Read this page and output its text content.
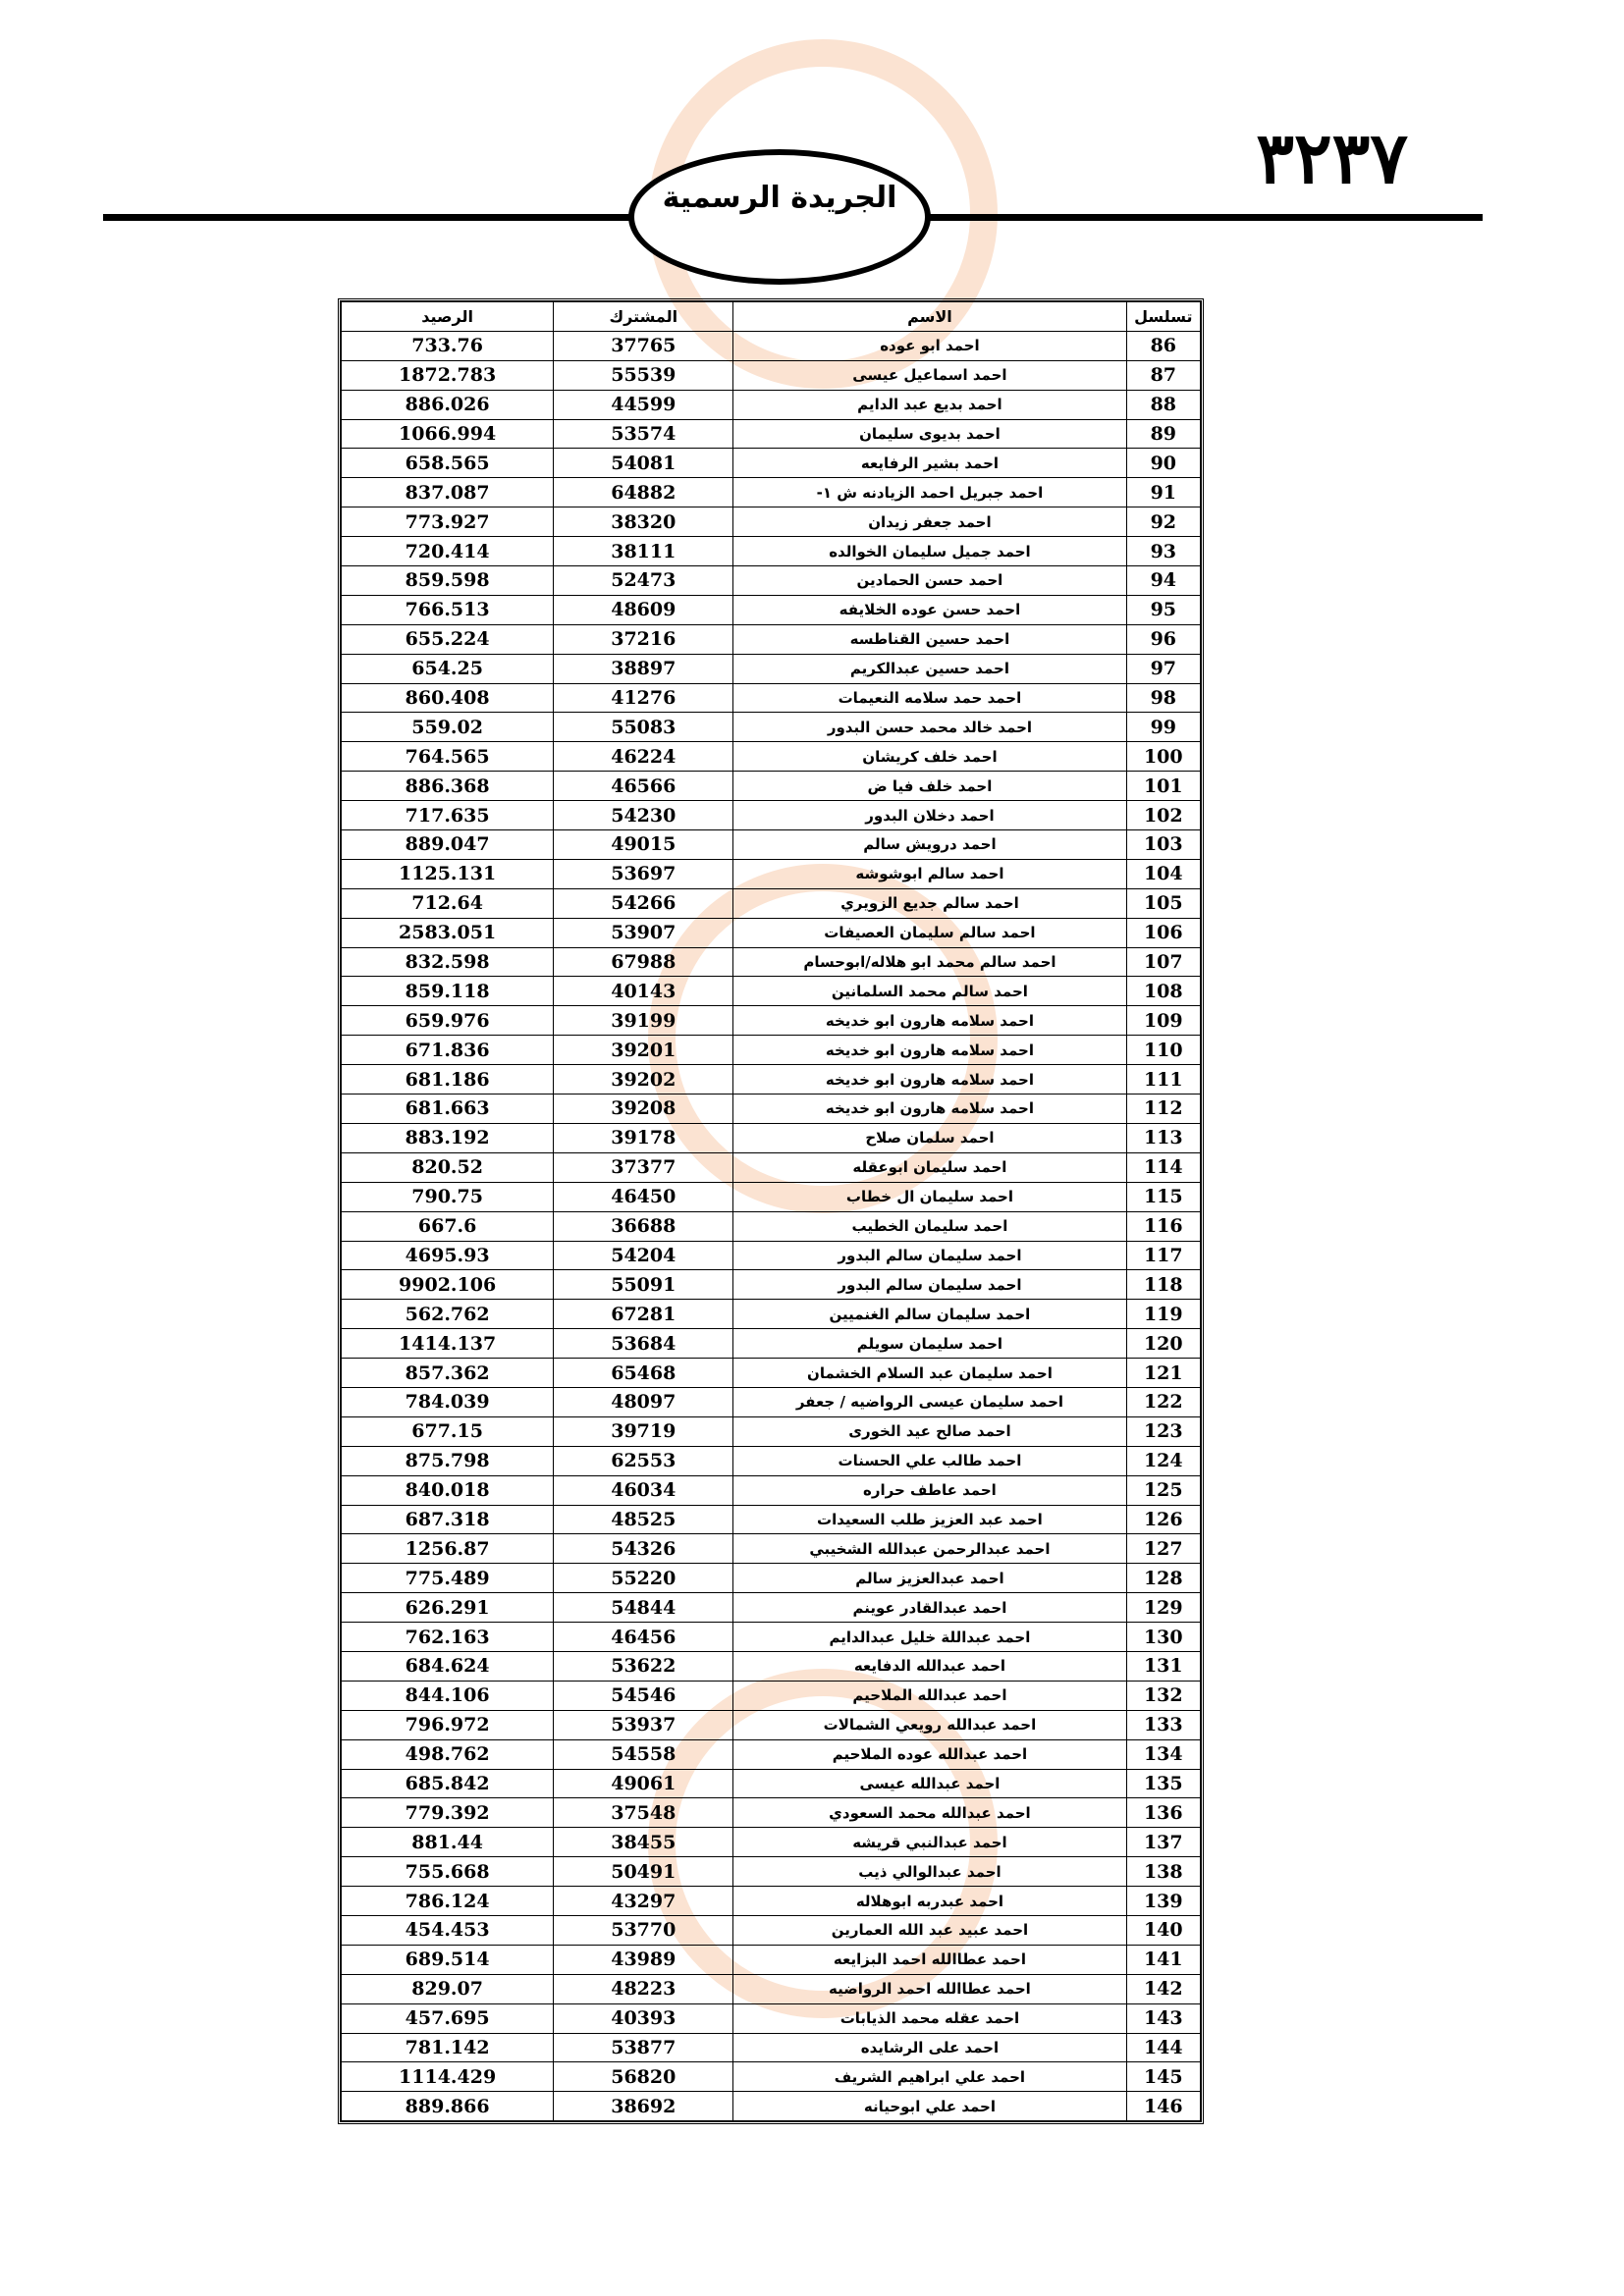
٣٢٣٧
الجريدة الرسمية
تسلسل	الاسم	المشترك	الرصيد
86	احمد ابو عوده	37765	733.76
87	احمد اسماعيل عيسى	55539	1872.783
88	احمد بديع عبد الدايم	44599	886.026
89	احمد بديوى سليمان	53574	1066.994
90	احمد بشير الرفايعه	54081	658.565
91	احمد جبريل احمد الزيادنه ش ١-	64882	837.087
92	احمد جعفر زيدان	38320	773.927
93	احمد جميل سليمان الخوالده	38111	720.414
94	احمد حسن الحمادين	52473	859.598
95	احمد حسن عوده الخلايفه	48609	766.513
96	احمد حسين القناطسه	37216	655.224
97	احمد حسين عبدالكريم	38897	654.25
98	احمد حمد سلامه النعيمات	41276	860.408
99	احمد خالد محمد حسن البدور	55083	559.02
100	احمد خلف كريشان	46224	764.565
101	احمد خلف فيا ض	46566	886.368
102	احمد دخلان البدور	54230	717.635
103	احمد درويش سالم	49015	889.047
104	احمد سالم ابوشوشه	53697	1125.131
105	احمد سالم جديع الزويري	54266	712.64
106	احمد سالم سليمان العصيفات	53907	2583.051
107	احمد سالم محمد ابو هلاله/ابوحسام	67988	832.598
108	احمد سالم محمد السلمانين	40143	859.118
109	احمد سلامه هارون ابو خديخه	39199	659.976
110	احمد سلامه هارون ابو خديخه	39201	671.836
111	احمد سلامه هارون ابو خديخه	39202	681.186
112	احمد سلامه هارون ابو خديخه	39208	681.663
113	احمد سلمان صلاح	39178	883.192
114	احمد سليمان ابوعقله	37377	820.52
115	احمد سليمان ال خطاب	46450	790.75
116	احمد سليمان الخطيب	36688	667.6
117	احمد سليمان سالم البدور	54204	4695.93
118	احمد سليمان سالم البدور	55091	9902.106
119	احمد سليمان سالم الغنميين	67281	562.762
120	احمد سليمان سويلم	53684	1414.137
121	احمد سليمان عبد السلام الخشمان	65468	857.362
122	احمد سليمان عيسى الرواضيه / جعفر	48097	784.039
123	احمد صالح عيد الخورى	39719	677.15
124	احمد طالب علي الحسنات	62553	875.798
125	احمد عاطف حراره	46034	840.018
126	احمد عبد العزيز طلب السعيدات	48525	687.318
127	احمد عبدالرحمن عبدالله الشخيبي	54326	1256.87
128	احمد عبدالعزيز سالم	55220	775.489
129	احمد عبدالقادر عوينم	54844	626.291
130	احمد عبداللة خليل عبدالدايم	46456	762.163
131	احمد عبدالله الدفايعه	53622	684.624
132	احمد عبدالله الملاحيم	54546	844.106
133	احمد عبدالله رويعي الشمالات	53937	796.972
134	احمد عبدالله عوده الملاحيم	54558	498.762
135	احمد عبدالله عيسى	49061	685.842
136	احمد عبدالله محمد السعودي	37548	779.392
137	احمد عبدالنبي قريشه	38455	881.44
138	احمد عبدالوالي ذيب	50491	755.668
139	احمد عبدربه ابوهلاله	43297	786.124
140	احمد عبيد عبد الله العمارين	53770	454.453
141	احمد عطاالله احمد البزايعه	43989	689.514
142	احمد عطاالله احمد الرواضيه	48223	829.07
143	احمد عقله محمد الذيابات	40393	457.695
144	احمد على الرشايده	53877	781.142
145	احمد علي ابراهيم الشريف	56820	1114.429
146	احمد علي ابوحيانه	38692	889.866
